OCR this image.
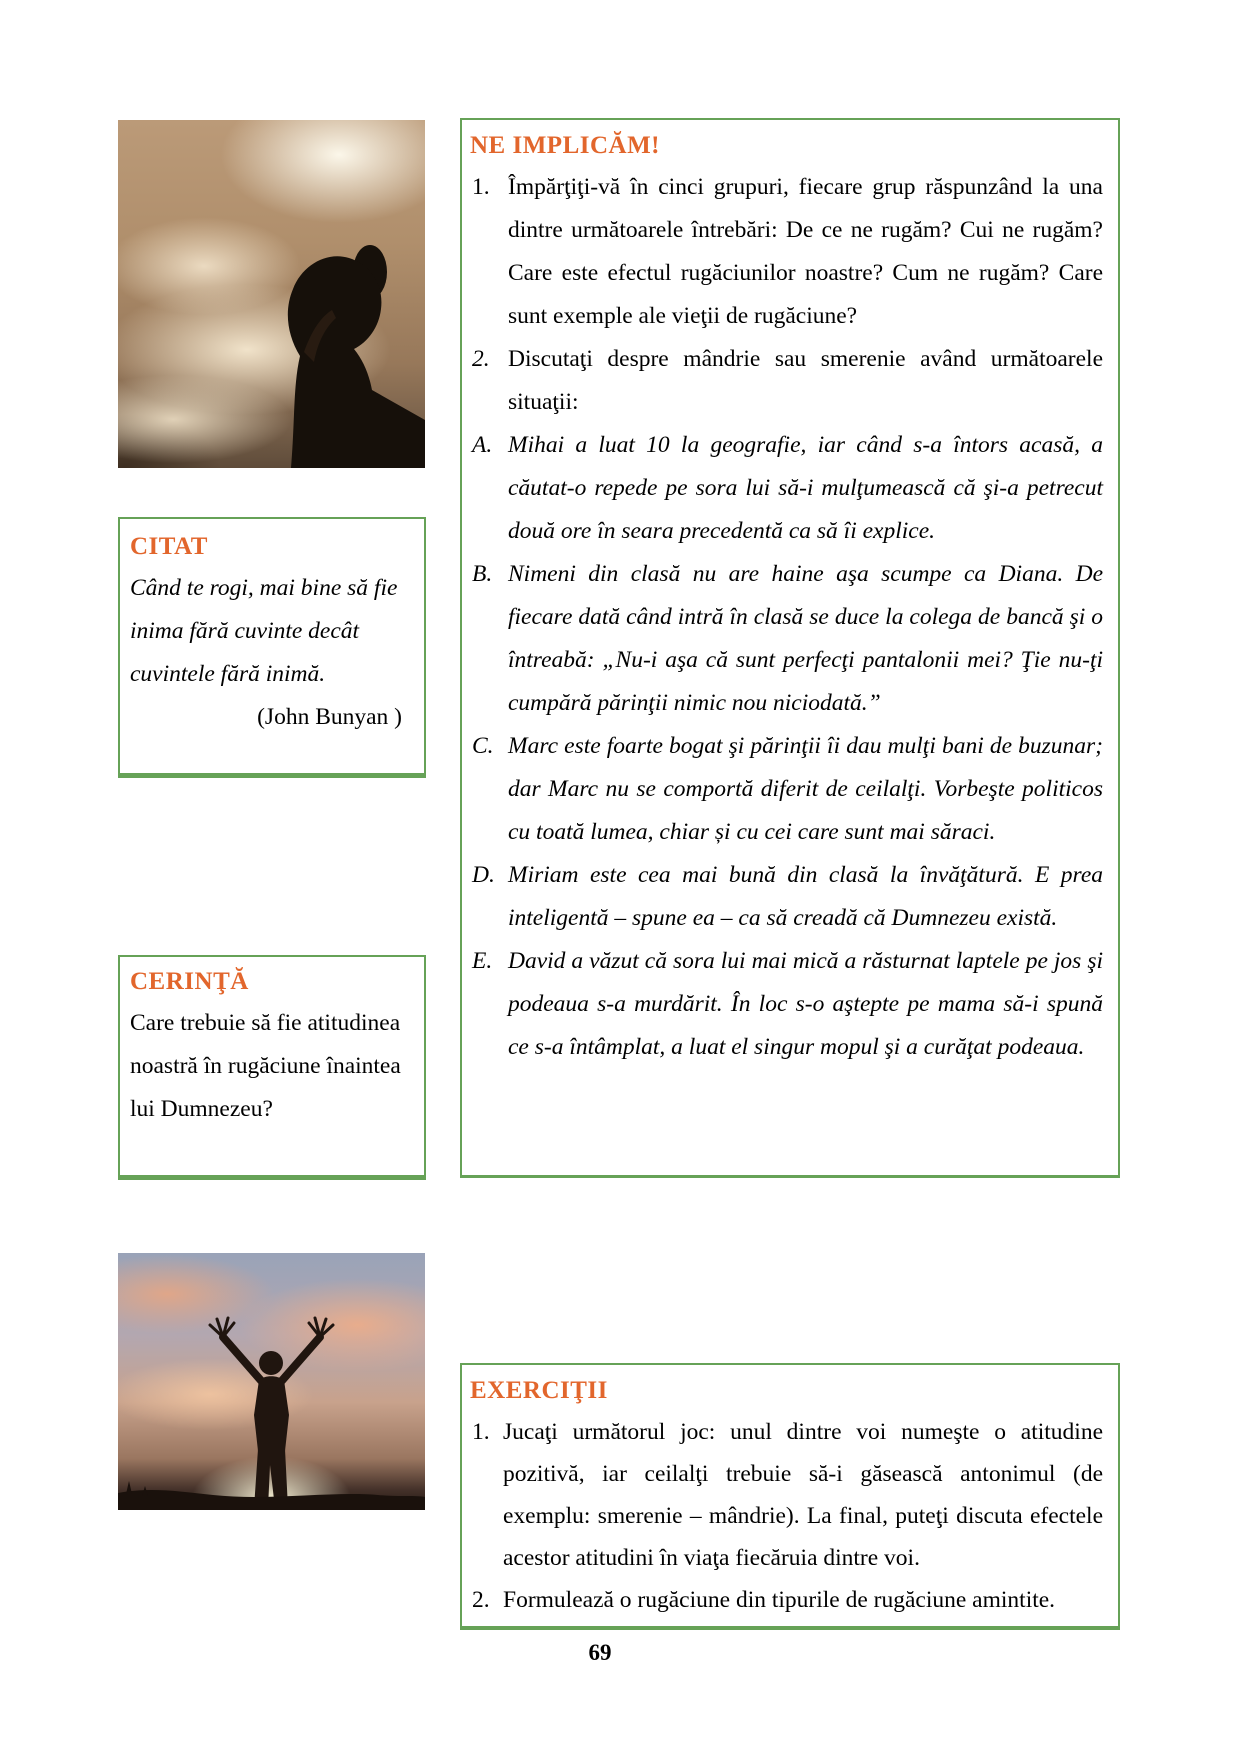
NE IMPLICĂM!
1. Împărţiţi-vă în cinci grupuri, fiecare grup răspunzând la una dintre următoarele întrebări: De ce ne rugăm? Cui ne rugăm? Care este efectul rugăciunilor noastre? Cum ne rugăm? Care sunt exemple ale vieţii de rugăciune?
2. Discutaţi despre mândrie sau smerenie având următoarele situaţii:
A. Mihai a luat 10 la geografie, iar când s-a întors acasă, a căutat-o repede pe sora lui să-i mulţumească că şi-a petrecut două ore în seara precedentă ca să îi explice.
B. Nimeni din clasă nu are haine aşa scumpe ca Diana. De fiecare dată când intră în clasă se duce la colega de bancă şi o întreabă: „Nu-i aşa că sunt perfecţi pantalonii mei? Ţie nu-ţi cumpără părinţii nimic nou niciodată.”
C. Marc este foarte bogat şi părinţii îi dau mulţi bani de buzunar; dar Marc nu se comportă diferit de ceilalţi. Vorbeşte politicos cu toată lumea, chiar și cu cei care sunt mai săraci.
D. Miriam este cea mai bună din clasă la învăţătură. E prea inteligentă – spune ea – ca să creadă că Dumnezeu există.
E. David a văzut că sora lui mai mică a răsturnat laptele pe jos şi podeaua s-a murdărit. În loc s-o aştepte pe mama să-i spună ce s-a întâmplat, a luat el singur mopul şi a curăţat podeaua.
CITAT
Când te rogi, mai bine să fie inima fără cuvinte decât cuvintele fără inimă.
(John Bunyan )
CERINŢĂ
Care trebuie să fie atitudinea noastră în rugăciune înaintea lui Dumnezeu?
EXERCIŢII
1. Jucaţi următorul joc: unul dintre voi numeşte o atitudine pozitivă, iar ceilalţi trebuie să-i găsească antonimul (de exemplu: smerenie – mândrie). La final, puteţi discuta efectele acestor atitudini în viaţa fiecăruia dintre voi.
2. Formulează o rugăciune din tipurile de rugăciune amintite.
69
